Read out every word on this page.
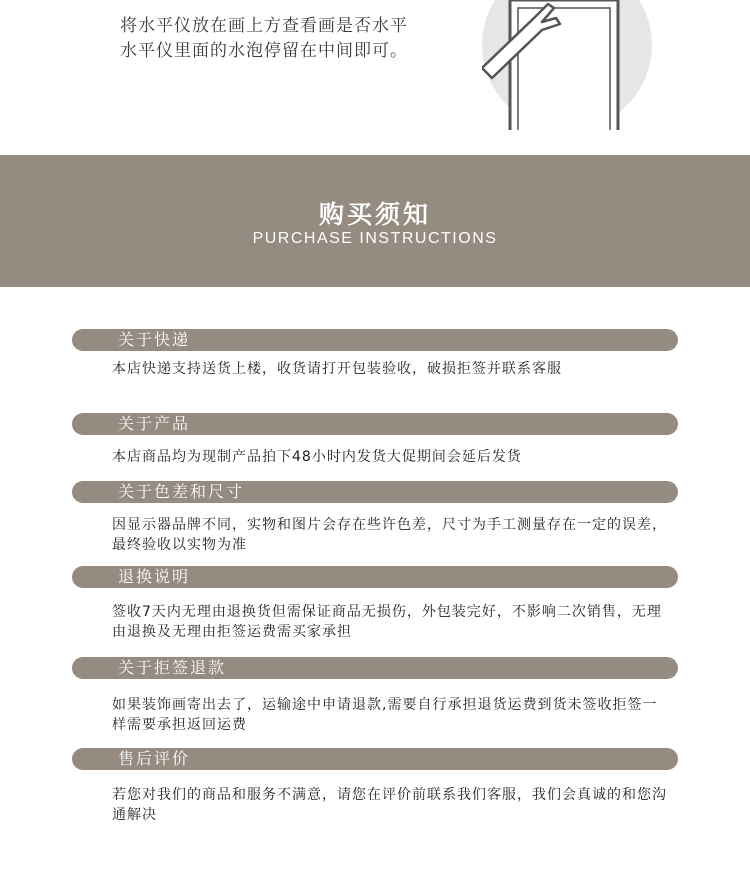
将水平仪放在画上方查看画是否水平
水平仪里面的水泡停留在中间即可。
购买须知
PURCHASE INSTRUCTIONS
关于快递
本店快递支持送货上楼，收货请打开包装验收，破损拒签并联系客服
关于产品
本店商品均为现制产品拍下48小时内发货大促期间会延后发货
关于色差和尺寸
因显示器品牌不同，实物和图片会存在些许色差，尺寸为手工测量存在一定的误差，最终验收以实物为准
退换说明
签收7天内无理由退换货但需保证商品无损伤，外包装完好，不影响二次销售，无理由退换及无理由拒签运费需买家承担
关于拒签退款
如果装饰画寄出去了，运输途中申请退款,需要自行承担退货运费到货未签收拒签一样需要承担返回运费
售后评价
若您对我们的商品和服务不满意，请您在评价前联系我们客服，我们会真诚的和您沟通解决
